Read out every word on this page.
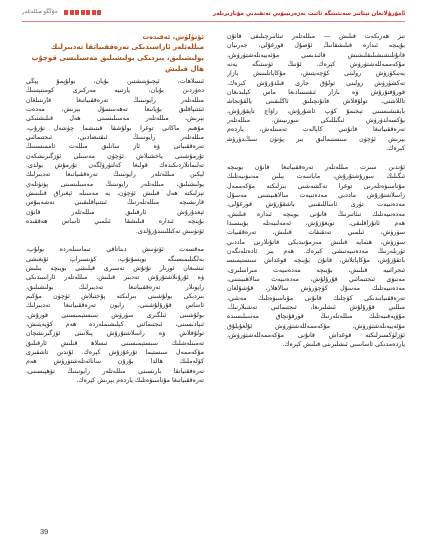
ﯪﻣﯘﺭﯘﻻﻧﻐﺎﻥ ﺗﯧﺌﺎﺗﯩﺮ ﺳﻪﻧﺌﯩﺘﯩﮕﻪ ﺋﺎﺋﯩﺖ ﻧﻪﺯﻩﺭﯨﻴﯩﯟﯨﻲ ﺗﻪﻧﻘﯩﺪﯨﻲ ﻣﯘﻧﺎﺯﯨﺮﯨﻠﻪﺭ
ﺟﯘﯕﮕﻮ ﻣﯩﻠﻠﻪﺗﻠﻪﺭ
ﺗﯩﺰ ﻫﻪﺭﯨﻜﻪﺕ ﻗﯩﻠﯩﺶ — ﻣﯩﻠﻠﻪﺗﻠﻪﺭ ﺗﯩﺌﺎﺗﯩﺮﭼﯩﻠﯩﻘﻰ ﻗﺎﻧﯘﻥ
ﺑﯘﻳﯩﭽﻪ ﺋﯩﺪﺍﺭﻩ ﻗﯩﻠﯩﺸﻘﺎﻧﯩﯔ ﺋﯘﺻﯘﻝ ﻗﻮﺭﻏﯘﻟﻰ، ﺟﻪﺭﯨﻴﺎﻥ
ﻗﺎﻧﯘﻧﻠﯩﺸﯩﺸﯩﻠﯩﻘﻠﯩﺸﯩﺶ ﻗﺎﺋﯩﺪﯨﺴﻰ ﻣﯘﺋﻪﻳﻴﻪﻧﻠﻪﺷﺘﯜﺭﯛﺵ،
ﻣﯘﻛﻪﻣﻤﻪﻟﻠﻪﺷﺘﯜﺭﯛﺵ ﻛﯧﺮﻩﻙ. ﺋﯘﻧﯩﯔ ﺋﯜﺳﺘﯩﮕﻪ ﻳﻪﻧﻪ
ﻳﻪﻧﯩﻜﯚﺭﯛﺵ ﺭﻭﻟﯩﻨﻰ ﻛﯚﭼﻪﻳﺘﯩﺶ، ﻣﯘﻛﺎﭘﺎﺗﻠﯩﻨﯩﺶ ﺑﺎﺯﺍﺭ
ﺗﻪﻛﺸﯜﺭﯛﺵ ﺭﻭﻟﯩﻨﻰ ﺗﻮﻟﯘﻕ ﺟﺎﺭﻯ ﻗﯩﻠﺪﯗﺭﯗﺵ ﻛﯧﺮﻩﻙ.
ﻗﻮﺭﯗﻗﺘﯘﺭﯗﺵ ﯞﻩ ﺑﺎﺯﺍﺭ ﺋﯩﻘﺘﯩﺴﺎﺩﯨﻐﺎ ﻣﺎﺱ ﻛﯧﻠﯩﺪﯨﻐﺎﻥ
ﺗﺎﻟﻼﺷﻨﻰ، ﺗﻮﻟﯘﻗﻼﺵ ﻗﺎﻧﯘﻧﭽﯩﻠﯩﻖ ﺋﺎﯕﻠﯩﻘﯩﻨﻰ ﻳﺎﻟﻘﯘﻧﺠﺎﺷ
ﺑﺎﻳﻘﯩﺸﯩﺴﯩﻨﻰ ﺗﯧﺨﯩﻤﯘ ﻛﯚﭖ ﺋﺎﺷﯘﺭﯗﺵ، ﺭﺍﯞﺍﺝ ﺗﺎﭘﻘﯘﺯﯗﺵ،
ﻳﯘﻛﺴﻪﻟﺪﯛﺭﯛﺵ ﺋﯩﮕﯩﻠﻠﯩﻜﻰ ﺳﻮﺭﯨﻴﯩﺶ، ﻣﯩﻠﻠﻪﺗﻠﻪﺭ
ﺗﻪﺭﻩﻗﻘﯩﻴﺎﺗﯩﻐﺎ ﻗﺎﻧﯘﻧﯩﻲ ﻛﺎﭘﺎﻟﻪﺕ ﺗﻪﻣﯩﻨﻠﻪﺵ، ﻳﺎﺭﺩﻩﻡ
ﺑﯧﺮﯨﺶ ﺋﯜﭼﯜﻥ ﺳﯩﺴﺘﯩﻤﺎﻟﯩﻖ ﺑﯩﺮ ﭘﯜﺗﯜﻥ ﺳﯩﯔﺪﯛﺭﯛﺷ
ﻛﯧﺮﻩﻙ.
ﺋﯘﻧﺪﯨﻦ ﺳﯩﺮﺕ ﻣﯩﻠﻠﻪﺗﻠﻪﺭ ﺗﻪﺭﻩﻗﻘﯩﻴﺎﺗﯩﻐﺎ ﻗﺎﻧﯘﻥ ﺑﻮﻳﯩﭽﻪ
ﺋﯩﮕﯩﻠﯩﻚ ﺳﻮﺭﯗﺷﺘﯘﺭﯗﺵ، ﻣﺎﻳﺎﺳﻪﺕ ﻳﯩﻠﯩﻦ ﻣﻪﻧﯩﯟﯨﻴﻪﺗﻠﯩﻚ
ﻣﯘﻧﺎﺳﯩﯟﻩﺗﻠﻪﺭﻧﻰ ﺗﻮﻏﺮﺍ ﺗﻪﯕﺸﻪﺷﻨﻰ ﺑﯩﺮﻟﯩﻜﺘﻪ ﻣﯘﻛﻪﻣﻤﻪﻝ
ﺭﺍﺳﻼﺷﺘﯘﺭﯗﺵ ﻣﺎﺩﺩﯨﻲ ﻣﻪﺩﻩﻧﯩﻴﻪﺕ ﺳﺎﻻﻫﯩﻴﯩﺘﯩﻨﻰ ﻣﻪﺳﯘﻝ
ﻣﻪﺩﻩﻧﯩﻴﻪﺕ ﺗﯜﺭﻯ ﺋﺎﺳﺎﻟﻠﯩﻘﯩﻨﻰ ﺑﺎﺷﻘﯘﺭﯗﺵ ﻗﻮﺭﻏﯘﻟﻰ،
ﻣﻪﺩﻩﻧﯩﻴﻪﺗﻠﯩﻚ ﺗﯩﺌﺎﺗﯩﺮﻧﯩﯔ ﻗﺎﻧﯘﻧﻰ ﺑﻮﻳﯩﭽﻪ ﺋﯩﺪﺍﺭﻩ ﻗﯩﻠﯩﺶ،
ﻫﻪﻡ ﺋﺎﺗﯘﺭﺍﻗﻠﯩﻘﻰ، ﺗﻮﻳﻐﯘﺯﯗﺵ، ﺋﻪﻣﻪﻟﯩﻴﻪﺗﻠﻪ ﺑﯘﻳﯩﺴﯩﺪﺍ
ﺳﯜﺭﯛﺵ، ﺋﯩﻠﻤﯩﻲ ﺗﻪﺗﻘﯩﻘﺎﺕ ﻗﯩﻠﯩﺶ، ﺗﻪﺭﻩﻗﻘﯩﻴﺎﺕ
ﺳﯜﺭﯛﺵ، ﻫﯩﻤﺎﻳﻪ ﻗﯩﻠﯩﺶ ﻣﻪﺯﻣﯘﻧﯩﺪﯨﻜﻰ ﻗﺎﻧﯘﻧﻼﺭﻧﻰ ﻣﺎﺩﺩﯨﻲ
ﺗﯜﺭﯨﻠﻪﺭﻧﯩﯔ ﻣﻪﺩﻩﻧﯩﻴﻪﺗﯩﺸﻰ ﻛﯧﺮﻩﻙ. ﻫﻪﻡ ﺑﯩﺮ ﺋﺎﺩﻩﺗﻠﻪﻧﮕﻪﻥ
ﺑﺎﺗﻘﯘﺯﯗﺵ، ﻣﯘﻛﺎﭘﺎﺗﻼﺵ، ﻗﺎﻧﯘﻥ ﺑﯘﻳﯩﭽﻪ ﻗﻮﻏﺪﺍﺵ ﺳﯩﺴﺘﯧﻤﯩﺴﯩ
ﺋﯩﺠﺮﺍﺋﯩﻴﻪ ﻗﯩﻠﯩﺶ، ﺑﯘﻳﯩﭽﻪ ﻣﻪﺩﻩﻧﯩﻴﻪﺕ ﻣﯩﺮﺍﺳﻠﯩﺮﻯ،
ﻣﻪﻧﯩﯟﻯ ﺋﯩﺠﺘﯩﻤﺎﺋﯩﻲ ﻗﯘﺭﯗﻟﯘﺵ، ﻣﻪﺩﻩﻧﯩﻴﻪﺕ ﺳﺎﻻﻫﯩﻴﯩﺘﯩﻨﻰ،
ﻣﻪﺩﻩﻧﯩﻴﻪﺗﻠﯩﻚ ﻣﻪﺳﯘﻝ ﻛﯚﭼﯜﺭﯛﺵ ﺳﺎﻻﻫﻼﺭ، ﻗﯘﺷﯘﻟﻐﺎﻥ
ﺗﻪﺭﻩﻗﻘﯩﻴﺎﺗﯩﺪﯨﻜﻰ ﻛﯚﭼﻠﯩﻚ ﻗﺎﻧﯘﻧﻰ ﻣﯘﻧﺎﺳﯩﯟﻩﺗﻠﯩﻚ ﻣﻪﻧﺌﯩﻲ،
ﻣﯩﻠﻠﯩﻲ ﻗﯘﺭﯗﻟﯘﺵ ﺋﯩﺸﻠﯩﺮﯨﻐﺎ، ﺋﯩﺠﺘﯩﻤﺎﺋﯩﻲ ﺗﻪﺷﯩﻼﺭﻧﯩﯔ،
ﻣﯘﯞﭘﻪﻗﯩﻴﻪﺗﻠﯩﻚ ﻣﯩﻠﻠﻪﺗﻠﻪﺭﻧﯩﯔ ﻗﻮﺭﻗﯘﻧﭽﺎﻕ ﻣﻪﺳﯩﻠﯩﺴﯩﺪﻩ
ﻣﯘﺋﻪﻳﻴﻪﻧﻠﻪﺷﺘﯜﺭﯛﺵ، ﻣﯘﻛﻪﻣﻤﻪﻟﻠﻪﺷﺘﯜﺭﯛﺵ ﺋﯘﻟﻐﯘﻳﻠﯘﻕ
ﺋﯚﺯﻟﯜﻛﺴﯩﺰﻟﯩﻜﺘﻪ ﻗﻮﻏﺪﺍﺵ ﻗﺎﻧﯘﻧﻰ ﻣﯘﻛﻪﻣﻤﻪﻟﻠﻪﺷﺘﯜﺭﯛﺵ،
ﻳﺎﺭﺩﻩﻣﺪﯨﻜﻰ ﺋﺎﺳﺎﺳﯩﻲ ﺋﯩﺸﻠﯩﺮﯨﻨﻰ ﻗﯩﻠﯩﺶ ﻛﯧﺮﻩﻙ.
ﺋﯚﺗﯜﻟﯜﺵ، ﺋﻪﻗﯩﺪﻩﺕ
ﻣﯩﻠﻠﻪﺗﻠﻪﺭ ﺋﺎﺭﺍﺳﯩﺪﯨﻜﻰ ﺗﻪﺭﻩﻗﻘﯩﻴﺎﺗﻘﺎ ﺗﻪﺩﺑﯩﺮﻟﯩﻚ ﺑﻮﻟﯩﺸﯩﻠﯩﻖ، ﺑﯩﺮﺩﯩﻜﻰ ﺑﻮﻟﯩﺸﯩﻠﯩﻖ ﻣﻪﺳﯩﻠﯩﺴﻰ ﻗﻮﭼﯘﭖ ﻫﺎﻝ ﻗﯩﻠﯩﺶ
ﺋﯩﺴﻼﻫﺎﺕ، ﺋﯧﭽﯩﯟﯦﺘﯩﺸﺘﯩﻦ ﺑﯘﻳﺎﻥ، ﺑﻮﻟﯘﭘﻤﯘ ﻳﯧﯖﻰ
ﺩﻩﯞﺭﺩﯨﻦ ﺑﯘﻳﺎﻥ، ﭘﺎﺭﺗﯩﻴﻪ ﻣﻪﺭﻛﯩﺰﻯ ﻛﻮﻣﯩﺘﯧﺘﯩﻨﯩﯔ
ﻣﯩﻠﻠﻪﺗﻠﻪﺭ ﺭﺍﻳﻮﻧﯩﻨﯩﯔ ﺗﻪﺭﻩﻗﻘﯩﻴﺎﺗﯩﻐﺎ ﻗﺎﺭﯨﺘﯩﻠﻐﺎﻥ
ﺋﯩﺘﺘﯩﭙﺎﻗﻠﯩﻖ ﺑﯘﻳﺎﻧﯩﻐﺎ ﺗﻪﻫﻪﺳﺴﯘﻝ ﺑﯧﺮﯨﺶ، ﻣﻪﺩﻩﺕ
ﺑﯧﺮﯨﺶ، ﻣﯩﻠﻠﻪﺗﻠﻪﺭ ﻣﻪﺳﯩﻠﯩﺴﯩﻨﻰ ﻫﻪﻝ ﻗﯩﻠﯩﺸﺘﯩﻜﻰ
ﻣﯘﮬﯩﻢ ﻣﺎﻛﺎﻧﻰ ﺗﻮﻏﺮﺍ ﺑﻮﻟﯘﺷﻘﺎ ﻗﯩﺘﯩﺸﻤﺎ ﭼﯜﺷﻪﻝ ﺗﯘﺭﯗﭖ،
ﻣﯩﻠﻠﻪﺗﻠﻪﺭ ﺭﺍﻳﻮﻧﯩﻨﯩﯔ ﺋﯩﻘﺘﯩﺼﺎﺩﯨﻲ، ﺋﯩﺠﺘﯩﻤﺎﺋﯩﻲ
ﺗﻪﺭﻩﻗﻘﯩﻴﺎﺗﻰ ﯞﻩ ﺋﺎﺯ ﺳﺎﻧﻠﯩﻖ ﻣﯩﻠﻠﻪﺕ ﺋﺎﻣﻤﯩﺴﯩﻨﯩﯔ
ﺗﯘﺭﻣﯘﺷﯩﻨﻰ ﻳﺎﺧﺸﯩﻼﺵ ﺋﯜﭼﯜﻥ ﻣﻪﺳﯩﻠﻰ ﺋﯚﺯﮔﯩﺮﯨﺸﻜﻪﻥ
ﺗﻪﻟﯩﻤﺎﺗﻼﺭﺩﯨﻜﯩﺪﻩﻙ ﻗﻮﻟﯩﻐﺎ ﻛﻪﻟﺘﯜﺭﯛﻟﮕﻪﻥ ﺗﯘﺭﻣﯘﺵ ﺑﻮﻟﺪﻯ.
ﻟﯧﻜﯩﻦ ﻣﯩﻠﻠﻪﺗﻠﻪﺭ ﺭﺍﻳﻮﻧﯩﻨﯩﯔ ﺗﻪﺭﻩﻗﻘﯩﻴﺎﺗﯩﻐﺎ ﺗﻪﺩﺑﯩﺮﻟﯩﻚ
ﺑﻮﻟﯩﺸﯩﻠﯩﻖ، ﻣﯩﻠﻠﻪﺗﻠﻪﺭ ﺭﺍﻳﻮﻧﯩﻨﯩﯔ ﻣﻪﺳﯩﻠﯩﺴﯩﻨﻰ ﭘﯜﺗﯜﻧﻠﻪﻱ
ﺗﯧﺰﻟﯩﻜﺘﻪ ﻫﻪﻝ ﻗﯩﻠﯩﺶ ﺋﯜﭼﯜﻥ، ﻳﻪ ﻣﻪﺳﯩﻠﻪ ﺋﯧﻐﯩﺮﺍﻕ ﻗﯩﻠﯩﻨﯩﺶ
ﻗﺎﺭﯨﺸﯩﭽﻪ ﻣﯩﻠﻠﻪﺗﻠﻪﺭﻧﯩﯔ ﺋﯩﺘﺘﯩﭙﺎﻗﻠﯩﻘﯩﻨﻰ ﺗﻪﺷﻪﺑﺒﯘﺱ
ﺋﯧﻐﺪﯗﺭﯗﺵ ﺋﺎﺭﻗﯩﻠﯩﻖ ﻣﯩﻠﻠﻪﺗﻠﻪﺭ ﻗﺎﻧﯘﻥ
ﺑﯘﻳﯩﭽﻪ ﺋﯩﺪﺍﺭﻩ ﻗﯩﻠﯩﺸﻘﺎ ﺋﯩﻠﻤﯩﻲ ﺋﺎﺳﺎﺱ ﻫﻪﻗﻘﯩﺪﻩ
ﺋﯚﺗﯜﻧﯩﺶ ﺗﻪﻛﯩﻠﻠﯩﻨﯩﺪﯗﺭﯗﻟﺪﻯ.
ﻣﻪﻗﺴﻪﺕ ﺋﯚﺗﯜﻧﯩﺶ ﺩﯨﻨﺎﺗﺎﻗﻰ ﺗﯩﻤﺎﺳﯩﻠﻪﺭﺩﻩ ﺑﻮﻟﯘﭖ،
ﺑﻪﻟﮕﯩﻠﯩﻤﯩﺴﯩﮕﻪ ﺑﻮﻳﺴﯘﻧﯘﭖ، ﻛﯜﻧﺴﯩﺮﺍﭖ ﺋﯘﻳﻐﯩﺸﻰ
ﺗﯩﺸﯩﻐﺎﻥ ﺋﻮﺭﻧﺎﺭ ﺗﯘﺗﯘﺵ ﺗﻪﺳﯩﺮﻯ ﻗﯧﻠﯩﺸﻰ ﺑﻮﻳﯩﭽﻪ ﺑﯩﻠﯩﺶ
ﯞﻩ ﺋﯘﺭﯗﻧﻼﺷﺘﯘﺭﯗﺵ ﺗﻪﺩﺑﯩﺮ ﻗﯩﻠﯩﺶ. ﻣﯩﻠﻠﻪﺗﻠﻪﺭ ﺋﺎﺭﺍﺳﯩﺪﯨﻜﻰ
ﺭﺍﻳﻮﻧﻼﺭ ﺗﻪﺭﻩﻗﻘﯩﻴﺎﺗﯩﻐﺎ ﺗﻪﺩﺑﯩﺮﻟﯩﻚ ﺑﻮﻟﯩﺸﯩﻠﯩﻖ،
ﺑﯩﺮﺩﯨﻜﻰ ﺑﻮﻟﯘﺷﯩﻨﻰ ﺑﯩﺮﻟﯩﻜﺘﻪ ﭘﯘﺧﺘﯩﻼﺵ ﺋﯜﭼﯜﻥ ﻣﯘﻛﯩﻢ
ﺋﺎﺳﺎﺱ ﻗﯘﺭﯗﻟﯘﺷﯩﻨﻰ، ﺭﺍﻳﻮﻥ ﺗﻪﺭﻩﻗﻘﯩﻴﺎﺗﯩﻐﺎ ﺗﻪﺩﺑﯩﺮﻟﯩﻚ
ﺑﻮﻟﯘﺷﯩﻨﻰ ﺋﯩﻠﮕﯩﺮﻯ ﺳﯜﺭﯛﺵ ﺳﯩﺴﺘﯧﻤﯩﺴﯩﻨﻰ ﻗﻮﺭﯗﺵ.
ﺋﯩﭙﺎﺩﯨﺴﯩﻨﻰ، ﺋﯩﺠﺘﯩﻤﺎﺋﯩﻲ ﻛﯧﻠﯩﺸﯩﻤﻠﻪﺭﺩﻩ ﻫﻪﻡ ﻛﯚﭘﻪﻳﺘﯩﺶ،
ﺗﻮﻟﯘﻗﻼﺵ ﯞﻩ ﺭﺍﺳﻼﺷﺘﯘﺭﯗﺵ ﭘﯩﻼﻧﯩﻨﻰ ﺋﯚﺯﮔﯩﺮﯨﺸﭽﺎﻥ
ﺗﻪﻣﯩﻨﻠﻪﺷﻠﯩﻚ ﺳﯩﺴﺘﯧﻤﯩﺴﯩﻨﻰ ﺋﯩﺴﻼﻫ ﻗﯩﻠﯩﺶ ﺋﺎﺭﻗﯩﻠﯩﻖ
ﻣﯘﻛﻪﻣﻤﻪﻝ ﺳﯩﺴﺘﯧﻤﺎ ﺗﯘﺭﻏﯘﺯﯗﺵ ﻛﯧﺮﻩﻙ. ﺋﯘﻧﺪﯨﻦ ﺗﺎﺷﻘﯩﺮﻯ
ﻛﯚﻟﻪﻣﻠﯩﻚ ﻫﺎﻟﺪﺍ ﺑﯘﺭﯗﻥ ﺳﺎﻧﺎﺋﻪﺗﻠﻪﺷﺘﯜﺭﯛﺵ ﻫﻪﻡ
ﺗﻪﺭﻩﻗﻘﯩﻴﺎﺗﻘﺎ ﺑﺎﺭﯨﺴﯩﻨﻰ ﻣﯩﻠﻠﻪﺗﻠﻪﺭ ﺭﺍﻳﻮﻧﯩﻨﯩﯔ ﺗﯚﻫﭙﯩﺴﯩﻨﻰ،
ﺗﻪﺭﻩﻗﻘﯩﻴﺎﺗﯩﻐﺎ ﻣﯘﻧﺎﺳﯩﯟﻩﺗﻠﯩﻚ ﻳﺎﺭﺩﻩﻡ ﺑﯧﺮﯨﺶ ﻛﯧﺮﻩﻙ.
39
